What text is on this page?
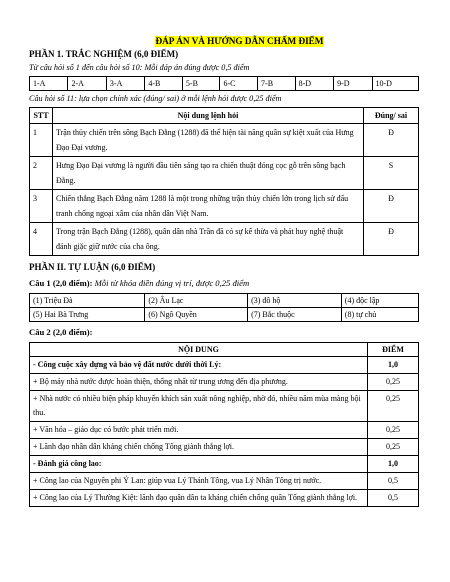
ĐÁP ÁN VÀ HƯỚNG DẪN CHẤM ĐIỂM
PHẦN 1. TRẮC NGHIỆM (6,0 ĐIỂM)
Từ câu hỏi số 1 đến câu hỏi số 10: Mỗi đáp án đúng được 0,5 điểm
1-A	2-A	3-A	4-B	5-B	6-C	7-B	8-D	9-D	10-D
Câu hỏi số 11: lựa chọn chính xác (đúng/ sai) ở mỗi lệnh hỏi được 0,25 điểm
STT	Nội dung lệnh hỏi	Đúng/ sai
1	Trận thủy chiến trên sông Bạch Đằng (1288) đã thể hiện tài năng quân sự kiệt xuất của Hưng Đạo Đại vương.	Đ
2	Hưng Đạo Đại vương là người đầu tiên sáng tạo ra chiến thuật đóng cọc gỗ trên sông bạch Đằng.	S
3	Chiến thắng Bạch Đằng năm 1288 là một trong những trận thủy chiến lớn trong lịch sử đấu tranh chống ngoại xâm của nhân dân Việt Nam.	Đ
4	Trong trận Bạch Đằng (1288), quân dân nhà Trần đã có sự kế thừa và phát huy nghệ thuật đánh giặc giữ nước của cha ông.	Đ
PHẦN II. TỰ LUẬN (6,0 ĐIỂM)
Câu 1 (2,0 điểm): Mỗi từ khóa điền đúng vị trí, được 0,25 điểm
(1) Triệu Đà	(2) Âu Lạc	(3) đô hộ	(4) độc lập
(5) Hai Bà Trưng	(6) Ngô Quyền	(7) Bắc thuộc	(8) tự chủ
Câu 2 (2,0 điểm):
NỘI DUNG	ĐIỂM
- Công cuộc xây dựng và bảo vệ đất nước dưới thời Lý:	1,0
+ Bộ máy nhà nước được hoàn thiện, thống nhất từ trung ương đến địa phương.	0,25
+ Nhà nước có nhiều biện pháp khuyến khích sản xuất nông nghiệp, nhờ đó, nhiều năm mùa màng bội thu.	0,25
+ Văn hóa – giáo dục có bước phát triển mới.	0,25
+ Lãnh đạo nhân dân kháng chiến chống Tống giành thắng lợi.	0,25
- Đánh giá công lao:	1,0
+ Công lao của Nguyên phi Ỷ Lan: giúp vua Lý Thánh Tông, vua Lý Nhân Tông trị nước.	0,5
+ Công lao của Lý Thường Kiệt: lãnh đạo quân dân ta kháng chiến chống quân Tống giành thắng lợi.	0,5
